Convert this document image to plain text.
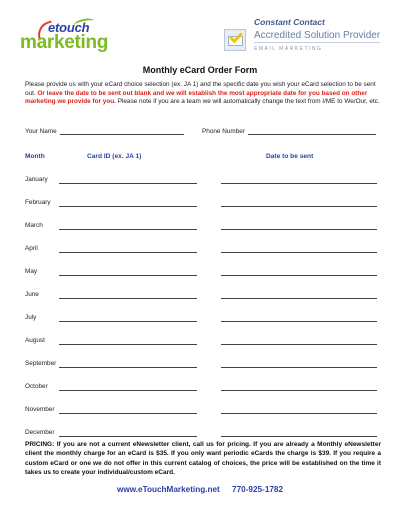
etouch
marketing
Constant Contact
Accredited Solution Provider
EMAIL MARKETING
Monthly eCard Order Form
Please provide us with your eCard choice selection (ex. JA 1) and the specific date you wish your eCard selection to be sent out. Or leave the date to be sent out blank and we will establish the most appropriate date for you based on other marketing we provide for you. Please note if you are a team we will automatically change the text from I/ME to We/Our, etc.
Your Name	Phone Number
Month	Card ID (ex. JA 1)	Date to be sent
January
February
March
April
May
June
July
August
September
October
November
December
PRICING: If you are not a current eNewsletter client, call us for pricing. If you are already a Monthly eNewsletter client the monthly charge for an eCard is $35. If you only want periodic eCards the charge is $39. If you require a custom eCard or one we do not offer in this current catalog of choices, the price will be established on the time it takes us to create your individual/custom eCard.
www.eTouchMarketing.net 770-925-1782
